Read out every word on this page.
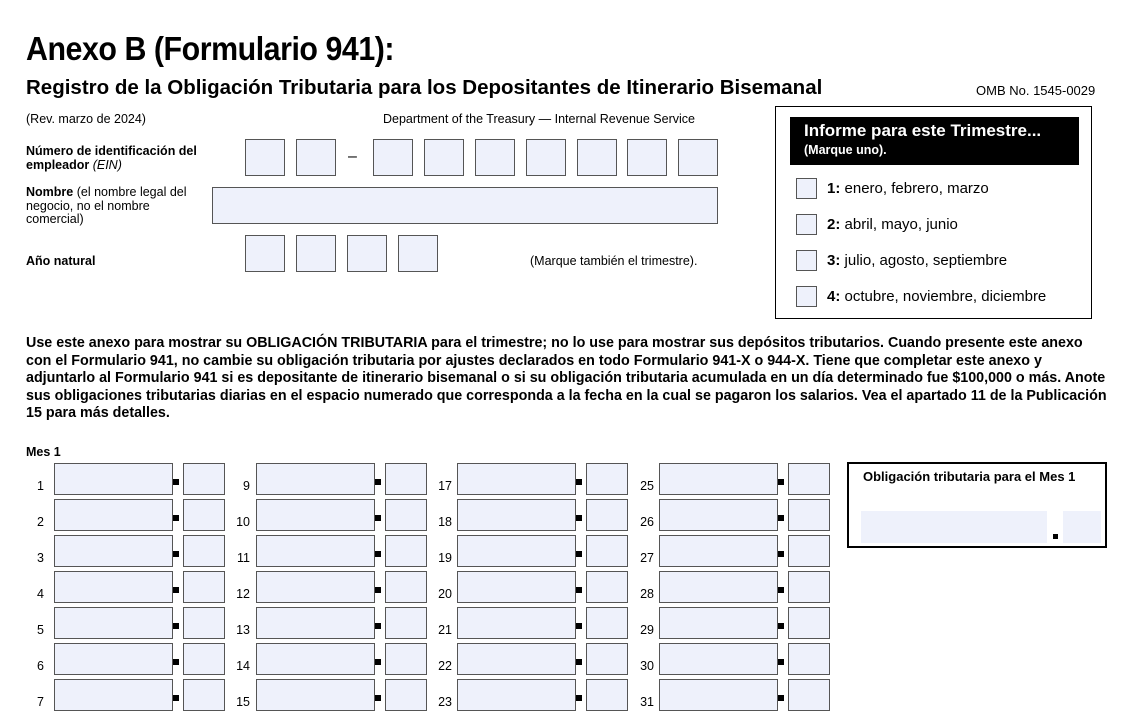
Anexo B (Formulario 941):
Registro de la Obligación Tributaria para los Depositantes de Itinerario Bisemanal	OMB No. 1545-0029
(Rev. marzo de 2024)	Department of the Treasury — Internal Revenue Service
Número de identificación del empleador (EIN)	–
Nombre (el nombre legal del negocio, no el nombre comercial)
Año natural	(Marque también el trimestre).
Informe para este Trimestre...
(Marque uno).
1: enero, febrero, marzo
2: abril, mayo, junio
3: julio, agosto, septiembre
4: octubre, noviembre, diciembre
Use este anexo para mostrar su OBLIGACIÓN TRIBUTARIA para el trimestre; no lo use para mostrar sus depósitos tributarios. Cuando presente este anexo con el Formulario 941, no cambie su obligación tributaria por ajustes declarados en todo Formulario 941-X o 944-X. Tiene que completar este anexo y adjuntarlo al Formulario 941 si es depositante de itinerario bisemanal o si su obligación tributaria acumulada en un día determinado fue $100,000 o más. Anote sus obligaciones tributarias diarias en el espacio numerado que corresponda a la fecha en la cual se pagaron los salarios. Vea el apartado 11 de la Publicación 15 para más detalles.
Mes 1
1
2
3
4
5
6
7
9
10
11
12
13
14
15
17
18
19
20
21
22
23
25
26
27
28
29
30
31
Obligación tributaria para el Mes 1
